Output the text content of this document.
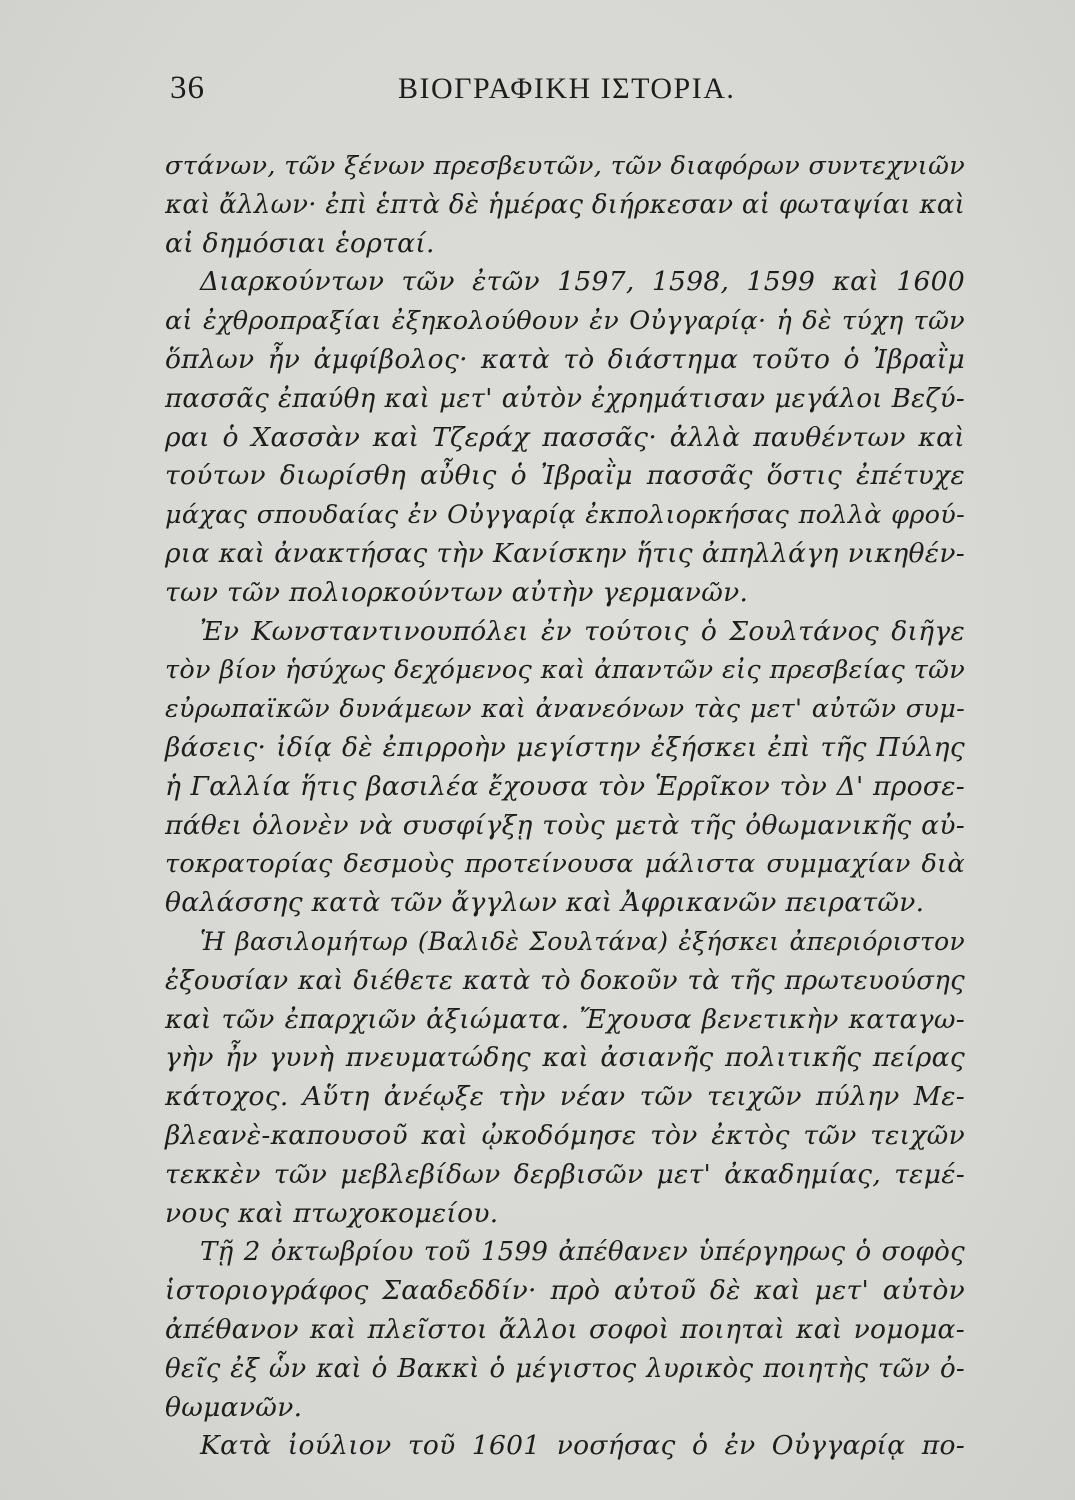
36	ΒΙΟΓΡΑΦΙΚΗ ΙΣΤΟΡΙΑ.
στάνων, τῶν ξένων πρεσβευτῶν, τῶν διαφόρων συντεχνιῶν
καὶ ἄλλων· ἐπὶ ἑπτὰ δὲ ἡμέρας διήρκεσαν αἱ φωταψίαι καὶ
αἱ δημόσιαι ἑορταί.
Διαρκούντων τῶν ἐτῶν 1597, 1598, 1599 καὶ 1600
αἱ ἐχθροπραξίαι ἐξηκολούθουν ἐν Οὐγγαρίᾳ· ἡ δὲ τύχη τῶν
ὅπλων ἦν ἀμφίβολος· κατὰ τὸ διάστημα τοῦτο ὁ Ἰβραῒμ
πασσᾶς ἐπαύθη καὶ μετ' αὐτὸν ἐχρημάτισαν μεγάλοι Βεζύ-
ραι ὁ Χασσὰν καὶ Τζεράχ πασσᾶς· ἀλλὰ παυθέντων καὶ
τούτων διωρίσθη αὖθις ὁ Ἰβραῒμ πασσᾶς ὅστις ἐπέτυχε
μάχας σπουδαίας ἐν Οὐγγαρίᾳ ἐκπολιορκήσας πολλὰ φρού-
ρια καὶ ἀνακτήσας τὴν Κανίσκην ἥτις ἀπηλλάγη νικηθέν-
των τῶν πολιορκούντων αὐτὴν γερμανῶν.
Ἐν Κωνσταντινουπόλει ἐν τούτοις ὁ Σουλτάνος διῆγε
τὸν βίον ἡσύχως δεχόμενος καὶ ἀπαντῶν εἰς πρεσβείας τῶν
εὐρωπαϊκῶν δυνάμεων καὶ ἀνανεόνων τὰς μετ' αὐτῶν συμ-
βάσεις· ἰδίᾳ δὲ ἐπιρροὴν μεγίστην ἐξήσκει ἐπὶ τῆς Πύλης
ἡ Γαλλία ἥτις βασιλέα ἔχουσα τὸν Ἑρρῖκον τὸν Δ' προσε-
πάθει ὁλονὲν νὰ συσφίγξῃ τοὺς μετὰ τῆς ὀθωμανικῆς αὐ-
τοκρατορίας δεσμοὺς προτείνουσα μάλιστα συμμαχίαν διὰ
θαλάσσης κατὰ τῶν ἄγγλων καὶ Ἀφρικανῶν πειρατῶν.
Ἡ βασιλομήτωρ (Βαλιδὲ Σουλτάνα) ἐξήσκει ἀπεριόριστον
ἐξουσίαν καὶ διέθετε κατὰ τὸ δοκοῦν τὰ τῆς πρωτευούσης
καὶ τῶν ἐπαρχιῶν ἀξιώματα. Ἔχουσα βενετικὴν καταγω-
γὴν ἦν γυνὴ πνευματώδης καὶ ἀσιανῆς πολιτικῆς πείρας
κάτοχος. Αὕτη ἀνέῳξε τὴν νέαν τῶν τειχῶν πύλην Με-
βλεανὲ-καπουσοῦ καὶ ᾠκοδόμησε τὸν ἐκτὸς τῶν τειχῶν
τεκκὲν τῶν μεβλεβίδων δερβισῶν μετ' ἀκαδημίας, τεμέ-
νους καὶ πτωχοκομείου.
Τῇ 2 ὀκτωβρίου τοῦ 1599 ἀπέθανεν ὑπέργηρως ὁ σοφὸς
ἱστοριογράφος Σααδεδδίν· πρὸ αὐτοῦ δὲ καὶ μετ' αὐτὸν
ἀπέθανον καὶ πλεῖστοι ἄλλοι σοφοὶ ποιηταὶ καὶ νομομα-
θεῖς ἐξ ὧν καὶ ὁ Βακκὶ ὁ μέγιστος λυρικὸς ποιητὴς τῶν ὀ-
θωμανῶν.
Κατὰ ἰούλιον τοῦ 1601 νοσήσας ὁ ἐν Οὐγγαρίᾳ πο-
